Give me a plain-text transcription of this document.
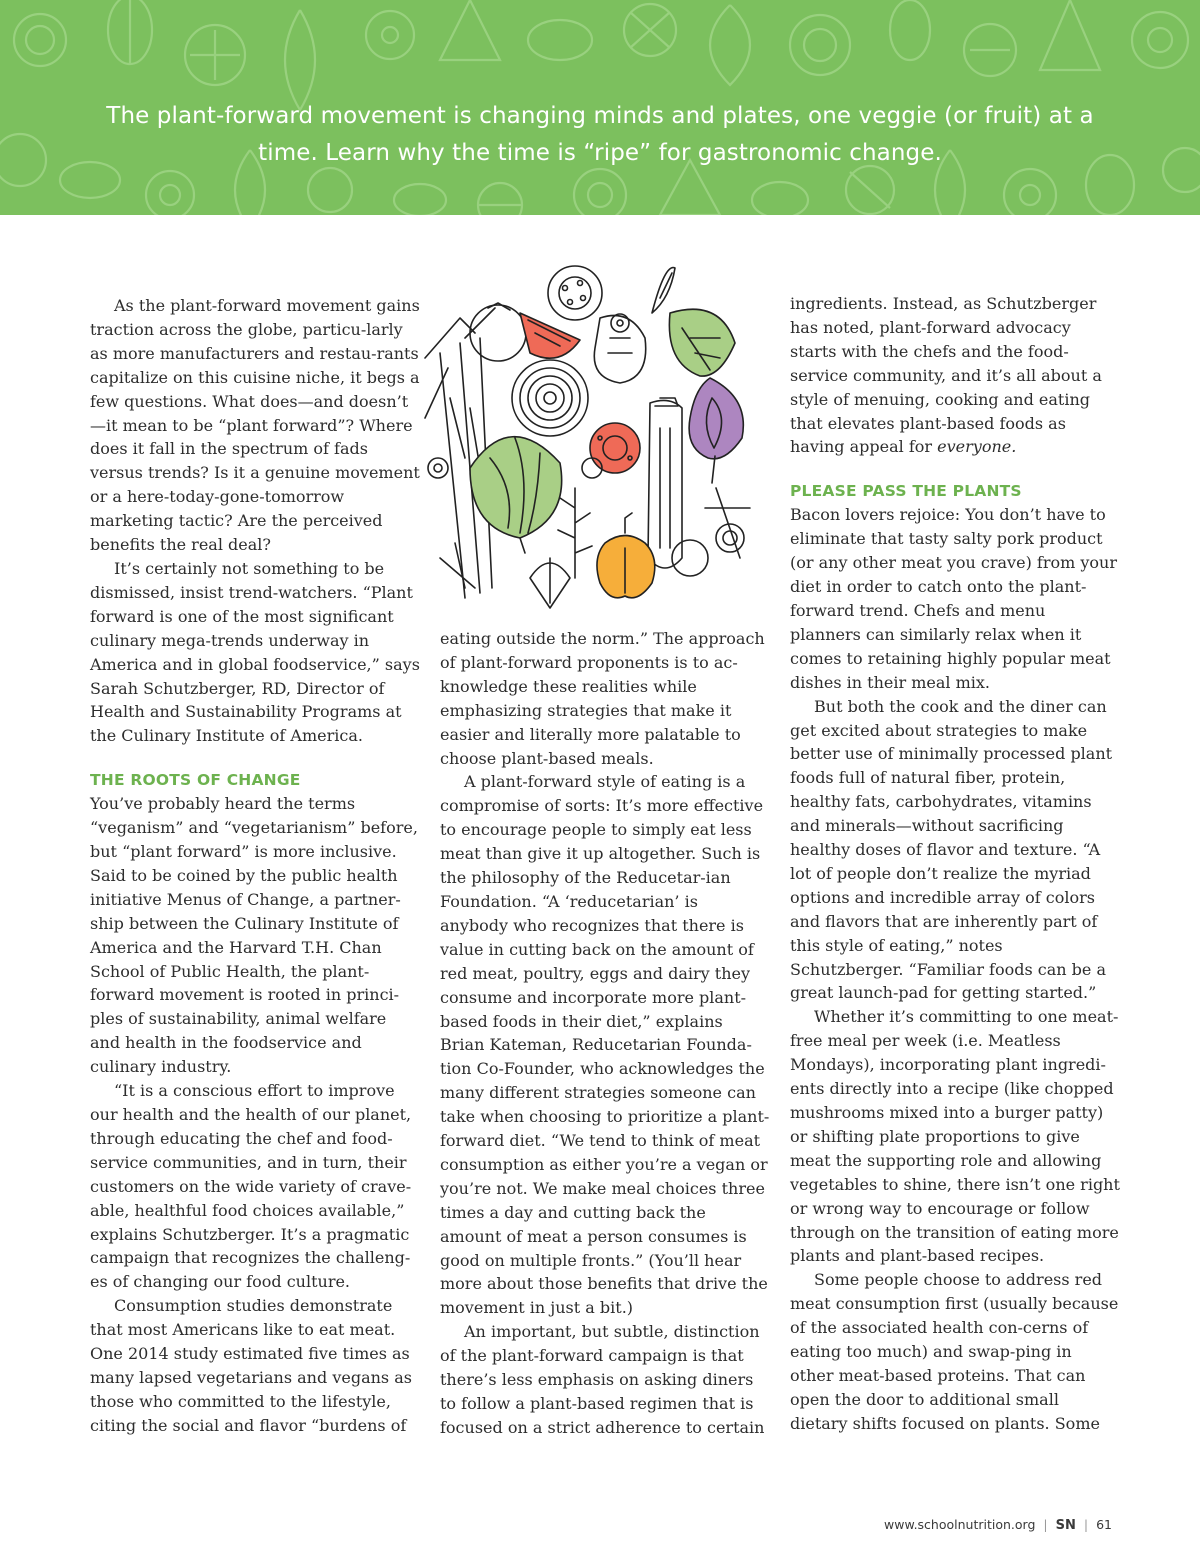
The plant-forward movement is changing minds and plates, one veggie (or fruit) at a time. Learn why the time is “ripe” for gastronomic change.

As the plant-forward movement gains traction across the globe, particu-larly as more manufacturers and restau-rants capitalize on this cuisine niche, it begs a few questions. What does—and doesn’t—it mean to be “plant forward”? Where does it fall in the spectrum of fads versus trends? Is it a genuine movement or a here-today-gone-tomorrow marketing tactic? Are the perceived benefits the real deal?

It’s certainly not something to be dismissed, insist trend-watchers. “Plant forward is one of the most significant culinary mega-trends underway in America and in global foodservice,” says Sarah Schutzberger, RD, Director of Health and Sustainability Programs at the Culinary Institute of America.

THE ROOTS OF CHANGE

You’ve probably heard the terms “veganism” and “vegetarianism” before, but “plant forward” is more inclusive. Said to be coined by the public health initiative Menus of Change, a partner-ship between the Culinary Institute of America and the Harvard T.H. Chan School of Public Health, the plant-forward movement is rooted in princi-ples of sustainability, animal welfare and health in the foodservice and culinary industry.

“It is a conscious effort to improve our health and the health of our planet, through educating the chef and food-service communities, and in turn, their customers on the wide variety of crave-able, healthful food choices available,” explains Schutzberger. It’s a pragmatic campaign that recognizes the challeng-es of changing our food culture.

Consumption studies demonstrate that most Americans like to eat meat. One 2014 study estimated five times as many lapsed vegetarians and vegans as those who committed to the lifestyle, citing the social and flavor “burdens of

eating outside the norm.” The approach of plant-forward proponents is to ac-knowledge these realities while emphasizing strategies that make it easier and literally more palatable to choose plant-based meals.

A plant-forward style of eating is a compromise of sorts: It’s more effective to encourage people to simply eat less meat than give it up altogether. Such is the philosophy of the Reducetar-ian Foundation. “A ‘reducetarian’ is anybody who recognizes that there is value in cutting back on the amount of red meat, poultry, eggs and dairy they consume and incorporate more plant-based foods in their diet,” explains Brian Kateman, Reducetarian Founda-tion Co-Founder, who acknowledges the many different strategies someone can take when choosing to prioritize a plant-forward diet. “We tend to think of meat consumption as either you’re a vegan or you’re not. We make meal choices three times a day and cutting back the amount of meat a person consumes is good on multiple fronts.” (You’ll hear more about those benefits that drive the movement in just a bit.)

An important, but subtle, distinction of the plant-forward campaign is that there’s less emphasis on asking diners to follow a plant-based regimen that is focused on a strict adherence to certain

ingredients. Instead, as Schutzberger has noted, plant-forward advocacy starts with the chefs and the food-service community, and it’s all about a style of menuing, cooking and eating that elevates plant-based foods as having appeal for everyone.

PLEASE PASS THE PLANTS

Bacon lovers rejoice: You don’t have to eliminate that tasty salty pork product (or any other meat you crave) from your diet in order to catch onto the plant-forward trend. Chefs and menu planners can similarly relax when it comes to retaining highly popular meat dishes in their meal mix.

But both the cook and the diner can get excited about strategies to make better use of minimally processed plant foods full of natural fiber, protein, healthy fats, carbohydrates, vitamins and minerals—without sacrificing healthy doses of flavor and texture. “A lot of people don’t realize the myriad options and incredible array of colors and flavors that are inherently part of this style of eating,” notes Schutzberger. “Familiar foods can be a great launch-pad for getting started.”

Whether it’s committing to one meat-free meal per week (i.e. Meatless Mondays), incorporating plant ingredi-ents directly into a recipe (like chopped mushrooms mixed into a burger patty) or shifting plate proportions to give meat the supporting role and allowing vegetables to shine, there isn’t one right or wrong way to encourage or follow through on the transition of eating more plants and plant-based recipes.

Some people choose to address red meat consumption first (usually because of the associated health con-cerns of eating too much) and swap-ping in other meat-based proteins. That can open the door to additional small dietary shifts focused on plants. Some

www.schoolnutrition.org | SN | 61
